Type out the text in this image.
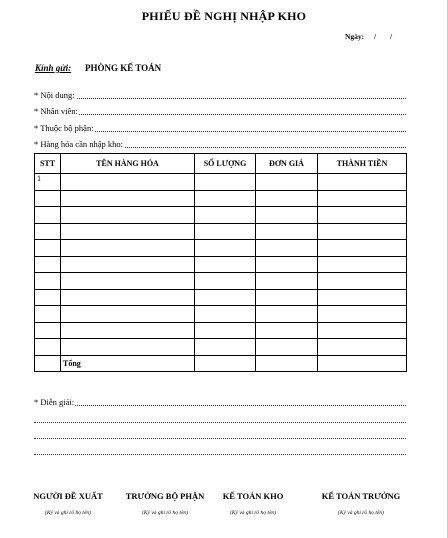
PHIẾU ĐỀ NGHỊ NHẬP KHO
Ngày: / /
Kính gửi: PHÒNG KẾ TOÁN
* Nội dung:
* Nhân viên:
* Thuộc bộ phận:
* Hàng hóa cần nhập kho:
STT	TÊN HÀNG HÓA	SỐ LƯỢNG	ĐƠN GIÁ	THÀNH TIỀN
1				

	Tổng			
* Diễn giải:
NGƯỜI ĐỀ XUẤT
(Ký và ghi rõ họ tên)
TRƯỞNG BỘ PHẬN
(Ký và ghi rõ họ tên)
KẾ TOÁN KHO
(Ký và ghi rõ họ tên)
KẾ TOÁN TRƯỞNG
(Ký và ghi rõ họ tên)
